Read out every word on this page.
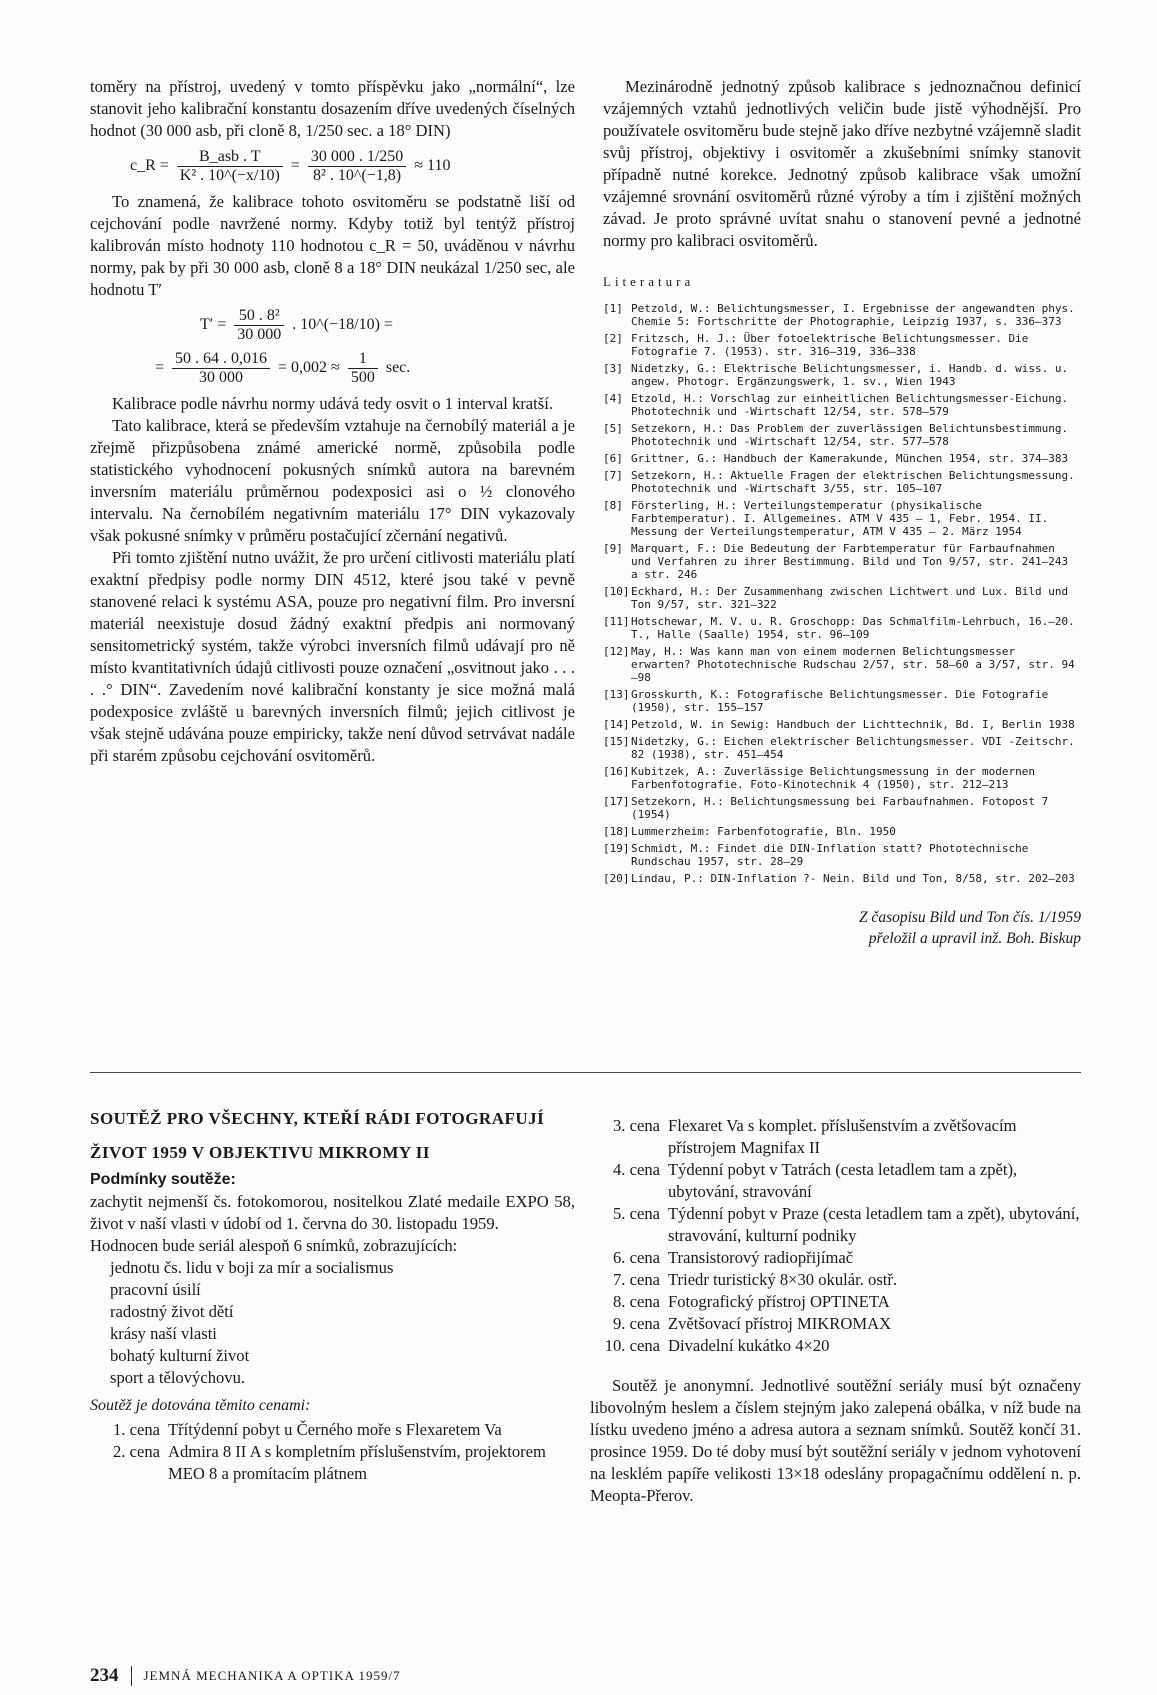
toměry na přístroj, uvedený v tomto příspěvku jako „normální“, lze stanovit jeho kalibrační konstantu dosazením dříve uvedených číselných hodnot (30 000 asb, při cloně 8, 1/250 sec. a 18° DIN)

c_R = $\frac{\text{B\_asb . T}}{\text{K² . 10\textasciicircum{}(−x/10)}} = \frac{30 000 . 1/250}{\text{8² . 10\textasciicircum{}(−1,8)}} \approx 110$

To znamená, že kalibrace tohoto osvitoměru se podstatně liší od cejchování podle navržené normy. Kdyby totiž byl tentýž přístroj kalibrován místo hodnoty 110 hodnotou c_R = 50, uváděnou v návrhu normy, pak by při 30 000 asb, cloně 8 a 18° DIN neukázal 1/250 sec, ale hodnotu T′

$T' = \frac{\text{50 . 8²}}{30 000}$ . 10^(−18/10) =
= $\frac{50 . 64 . 0,016}{30 000} = 0,002 \approx \frac{1}{500} \sec$.

Kalibrace podle návrhu normy udává tedy osvit o 1 interval kratší.

Tato kalibrace, která se především vztahuje na černobílý materiál a je zřejmě přizpůsobena známé americké normě, způsobila podle statistického vyhodnocení pokusných snímků autora na barevném inversním materiálu průměrnou podexposici asi o ½ clonového intervalu. Na černobílém negativním materiálu 17° DIN vykazovaly však pokusné snímky v průměru postačující zčernání negativů.

Při tomto zjištění nutno uvážit, že pro určení citlivosti materiálu platí exaktní předpisy podle normy DIN 4512, které jsou také v pevně stanovené relaci k systému ASA, pouze pro negativní film. Pro inversní materiál neexistuje dosud žádný exaktní předpis ani normovaný sensitometrický systém, takže výrobci inversních filmů udávají pro ně místo kvantitativních údajů citlivosti pouze označení „osvitnout jako . . . . .° DIN“. Zavedením nové kalibrační konstanty je sice možná malá podexposice zvláště u barevných inversních filmů; jejich citlivost je však stejně udávána pouze empiricky, takže není důvod setrvávat nadále při starém způsobu cejchování osvitoměrů.

Mezinárodně jednotný způsob kalibrace s jednoznačnou definicí vzájemných vztahů jednotlivých veličin bude jistě výhodnější. Pro používatele osvitoměru bude stejně jako dříve nezbytné vzájemně sladit svůj přístroj, objektivy i osvitoměr a zkušebními snímky stanovit případně nutné korekce. Jednotný způsob kalibrace však umožní vzájemné srovnání osvitoměrů různé výroby a tím i zjištění možných závad. Je proto správné uvítat snahu o stanovení pevné a jednotné normy pro kalibraci osvitoměrů.

Literatura
[1] Petzold, W.: Belichtungsmesser, I. Ergebnisse der angewandten phys. Chemie 5: Fortschritte der Photographie, Leipzig 1937, s. 336—373
[2] Fritzsch, H. J.: Über fotoelektrische Belichtungsmesser. Die Fotografie 7. (1953). str. 316—319, 336—338
[3] Nidetzky, G.: Elektrische Belichtungsmesser, i. Handb. d. wiss. u. angew. Photogr. Ergänzungswerk, 1. sv., Wien 1943
[4] Etzold, H.: Vorschlag zur einheitlichen Belichtungsmesser-Eichung. Phototechnik und -Wirtschaft 12/54, str. 578—579
[5] Setzekorn, H.: Das Problem der zuverlässigen Belichtunsbestimmung. Phototechnik und -Wirtschaft 12/54, str. 577—578
[6] Grittner, G.: Handbuch der Kamerakunde, München 1954, str. 374—383
[7] Setzekorn, H.: Aktuelle Fragen der elektrischen Belichtungsmessung. Phototechnik und -Wirtschaft 3/55, str. 105—107
[8] Försterling, H.: Verteilungstemperatur (physikalische Farbtemperatur). I. Allgemeines. ATM V 435 — 1, Febr. 1954. II. Messung der Verteilungstemperatur, ATM V 435 — 2. März 1954
[9] Marquart, F.: Die Bedeutung der Farbtemperatur für Farbaufnahmen und Verfahren zu ihrer Bestimmung. Bild und Ton 9/57, str. 241—243 a str. 246
[10] Eckhard, H.: Der Zusammenhang zwischen Lichtwert und Lux. Bild und Ton 9/57, str. 321—322
[11] Hotschewar, M. V. u. R. Groschopp: Das Schmalfilm-Lehrbuch, 16.—20. T., Halle (Saalle) 1954, str. 96—109
[12] May, H.: Was kann man von einem modernen Belichtungsmesser erwarten? Phototechnische Rudschau 2/57, str. 58—60 a 3/57, str. 94—98
[13] Grosskurth, K.: Fotografische Belichtungsmesser. Die Fotografie (1950), str. 155—157
[14] Petzold, W. in Sewig: Handbuch der Lichttechnik, Bd. I, Berlin 1938
[15] Nidetzky, G.: Eichen elektrischer Belichtungsmesser. VDI -Zeitschr. 82 (1938), str. 451—454
[16] Kubitzek, A.: Zuverlässige Belichtungsmessung in der modernen Farbenfotografie. Foto-Kinotechnik 4 (1950), str. 212—213
[17] Setzekorn, H.: Belichtungsmessung bei Farbaufnahmen. Fotopost 7 (1954)
[18] Lummerzheim: Farbenfotografie, Bln. 1950
[19] Schmidt, M.: Findet die DIN-Inflation statt? Phototechnische Rundschau 1957, str. 28—29
[20] Lindau, P.: DIN-Inflation ?- Nein. Bild und Ton, 8/58, str. 202—203
Z časopisu Bild und Ton čís. 1/1959
přeložil a upravil inž. Boh. Biskup

SOUTĚŽ PRO VŠECHNY, KTEŘÍ RÁDI FOTOGRAFUJÍ

ŽIVOT 1959 V OBJEKTIVU MIKROMY II

Podmínky soutěže:

zachytit nejmenší čs. fotokomorou, nositelkou Zlaté medaile EXPO 58, život v naší vlasti v údobí od 1. června do 30. listopadu 1959.

Hodnocen bude seriál alespoň 6 snímků, zobrazujících:

jednotu čs. lidu v boji za mír a socialismus
pracovní úsilí
radostný život dětí
krásy naší vlasti
bohatý kulturní život
sport a tělovýchovu.

Soutěž je dotována těmito cenami:

1. cena Třítýdenní pobyt u Černého moře s Flexaretem Va
2. cena Admira 8 II A s kompletním příslušenstvím, projektorem MEO 8 a promítacím plátnem
3. cena Flexaret Va s komplet. příslušenstvím a zvětšovacím přístrojem Magnifax II
4. cena Týdenní pobyt v Tatrách (cesta letadlem tam a zpět), ubytování, stravování
5. cena Týdenní pobyt v Praze (cesta letadlem tam a zpět), ubytování, stravování, kulturní podniky
6. cena Transistorový radiopřijímač
7. cena Triedr turistický 8×30 okulár. ostř.
8. cena Fotografický přístroj OPTINETA
9. cena Zvětšovací přístroj MIKROMAX
10. cena Divadelní kukátko 4×20

Soutěž je anonymní. Jednotlivé soutěžní seriály musí být označeny libovolným heslem a číslem stejným jako zalepená obálka, v níž bude na lístku uvedeno jméno a adresa autora a seznam snímků. Soutěž končí 31. prosince 1959. Do té doby musí být soutěžní seriály v jednom vyhotovení na lesklém papíře velikosti 13×18 odeslány propagačnímu oddělení n. p. Meopta-Přerov.

234 JEMNÁ MECHANIKA A OPTIKA 1959/7
